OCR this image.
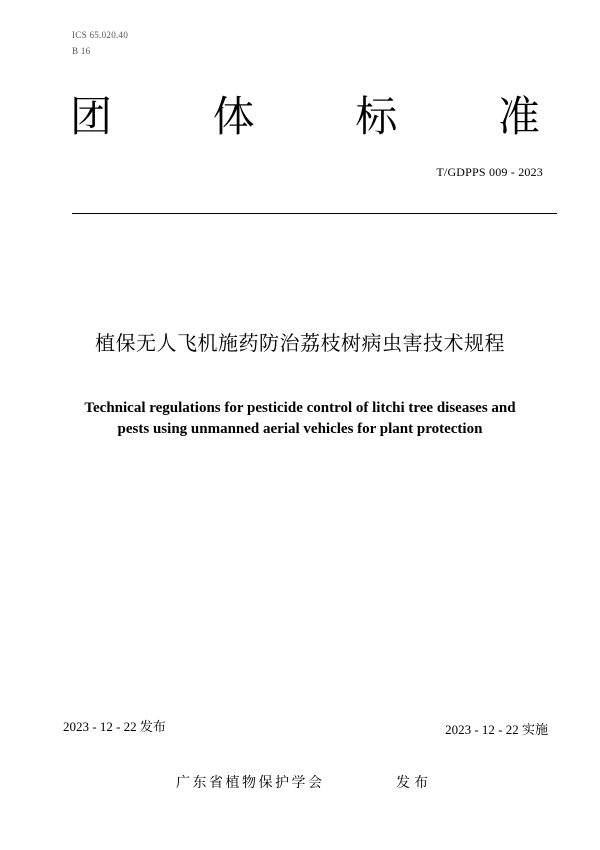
ICS 65.020.40
B 16
团 体 标 准
T/GDPPS 009 - 2023
植保无人飞机施药防治荔枝树病虫害技术规程
Technical regulations for pesticide control of litchi tree diseases and
pests using unmanned aerial vehicles for plant protection
2023 - 12 - 22 发布	2023 - 12 - 22 实施
广东省植物保护学会	发布
